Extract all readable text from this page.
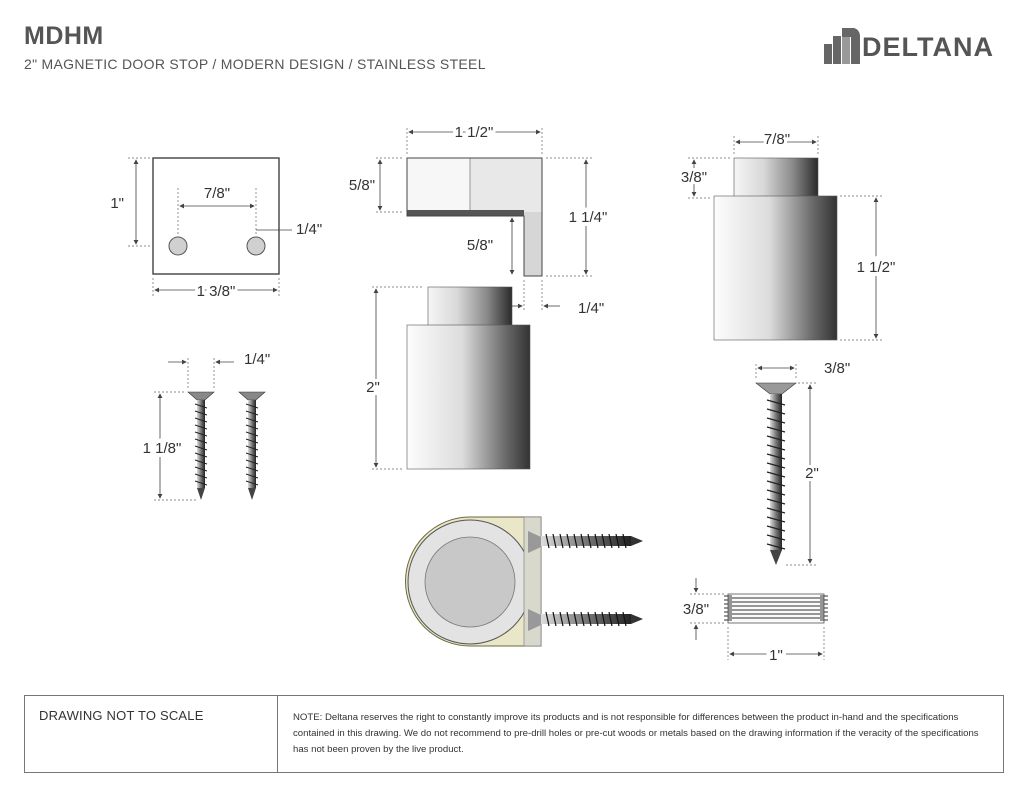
MDHM
2" MAGNETIC DOOR STOP / MODERN DESIGN / STAINLESS STEEL
DELTANA
1"
7/8"
1/4"
1 3/8"
1 1/2"
5/8"
1 1/4"
5/8"
1/4"
2"
1/4"
1 1/8"
7/8"
3/8"
1 1/2"
3/8"
2"
3/8"
1"
DRAWING NOT TO SCALE	NOTE: Deltana reserves the right to constantly improve its products and is not responsible for differences between the product in-hand and the specifications contained in this drawing. We do not recommend to pre-drill holes or pre-cut woods or metals based on the drawing information if the veracity of the specifications has not been proven by the live product.
